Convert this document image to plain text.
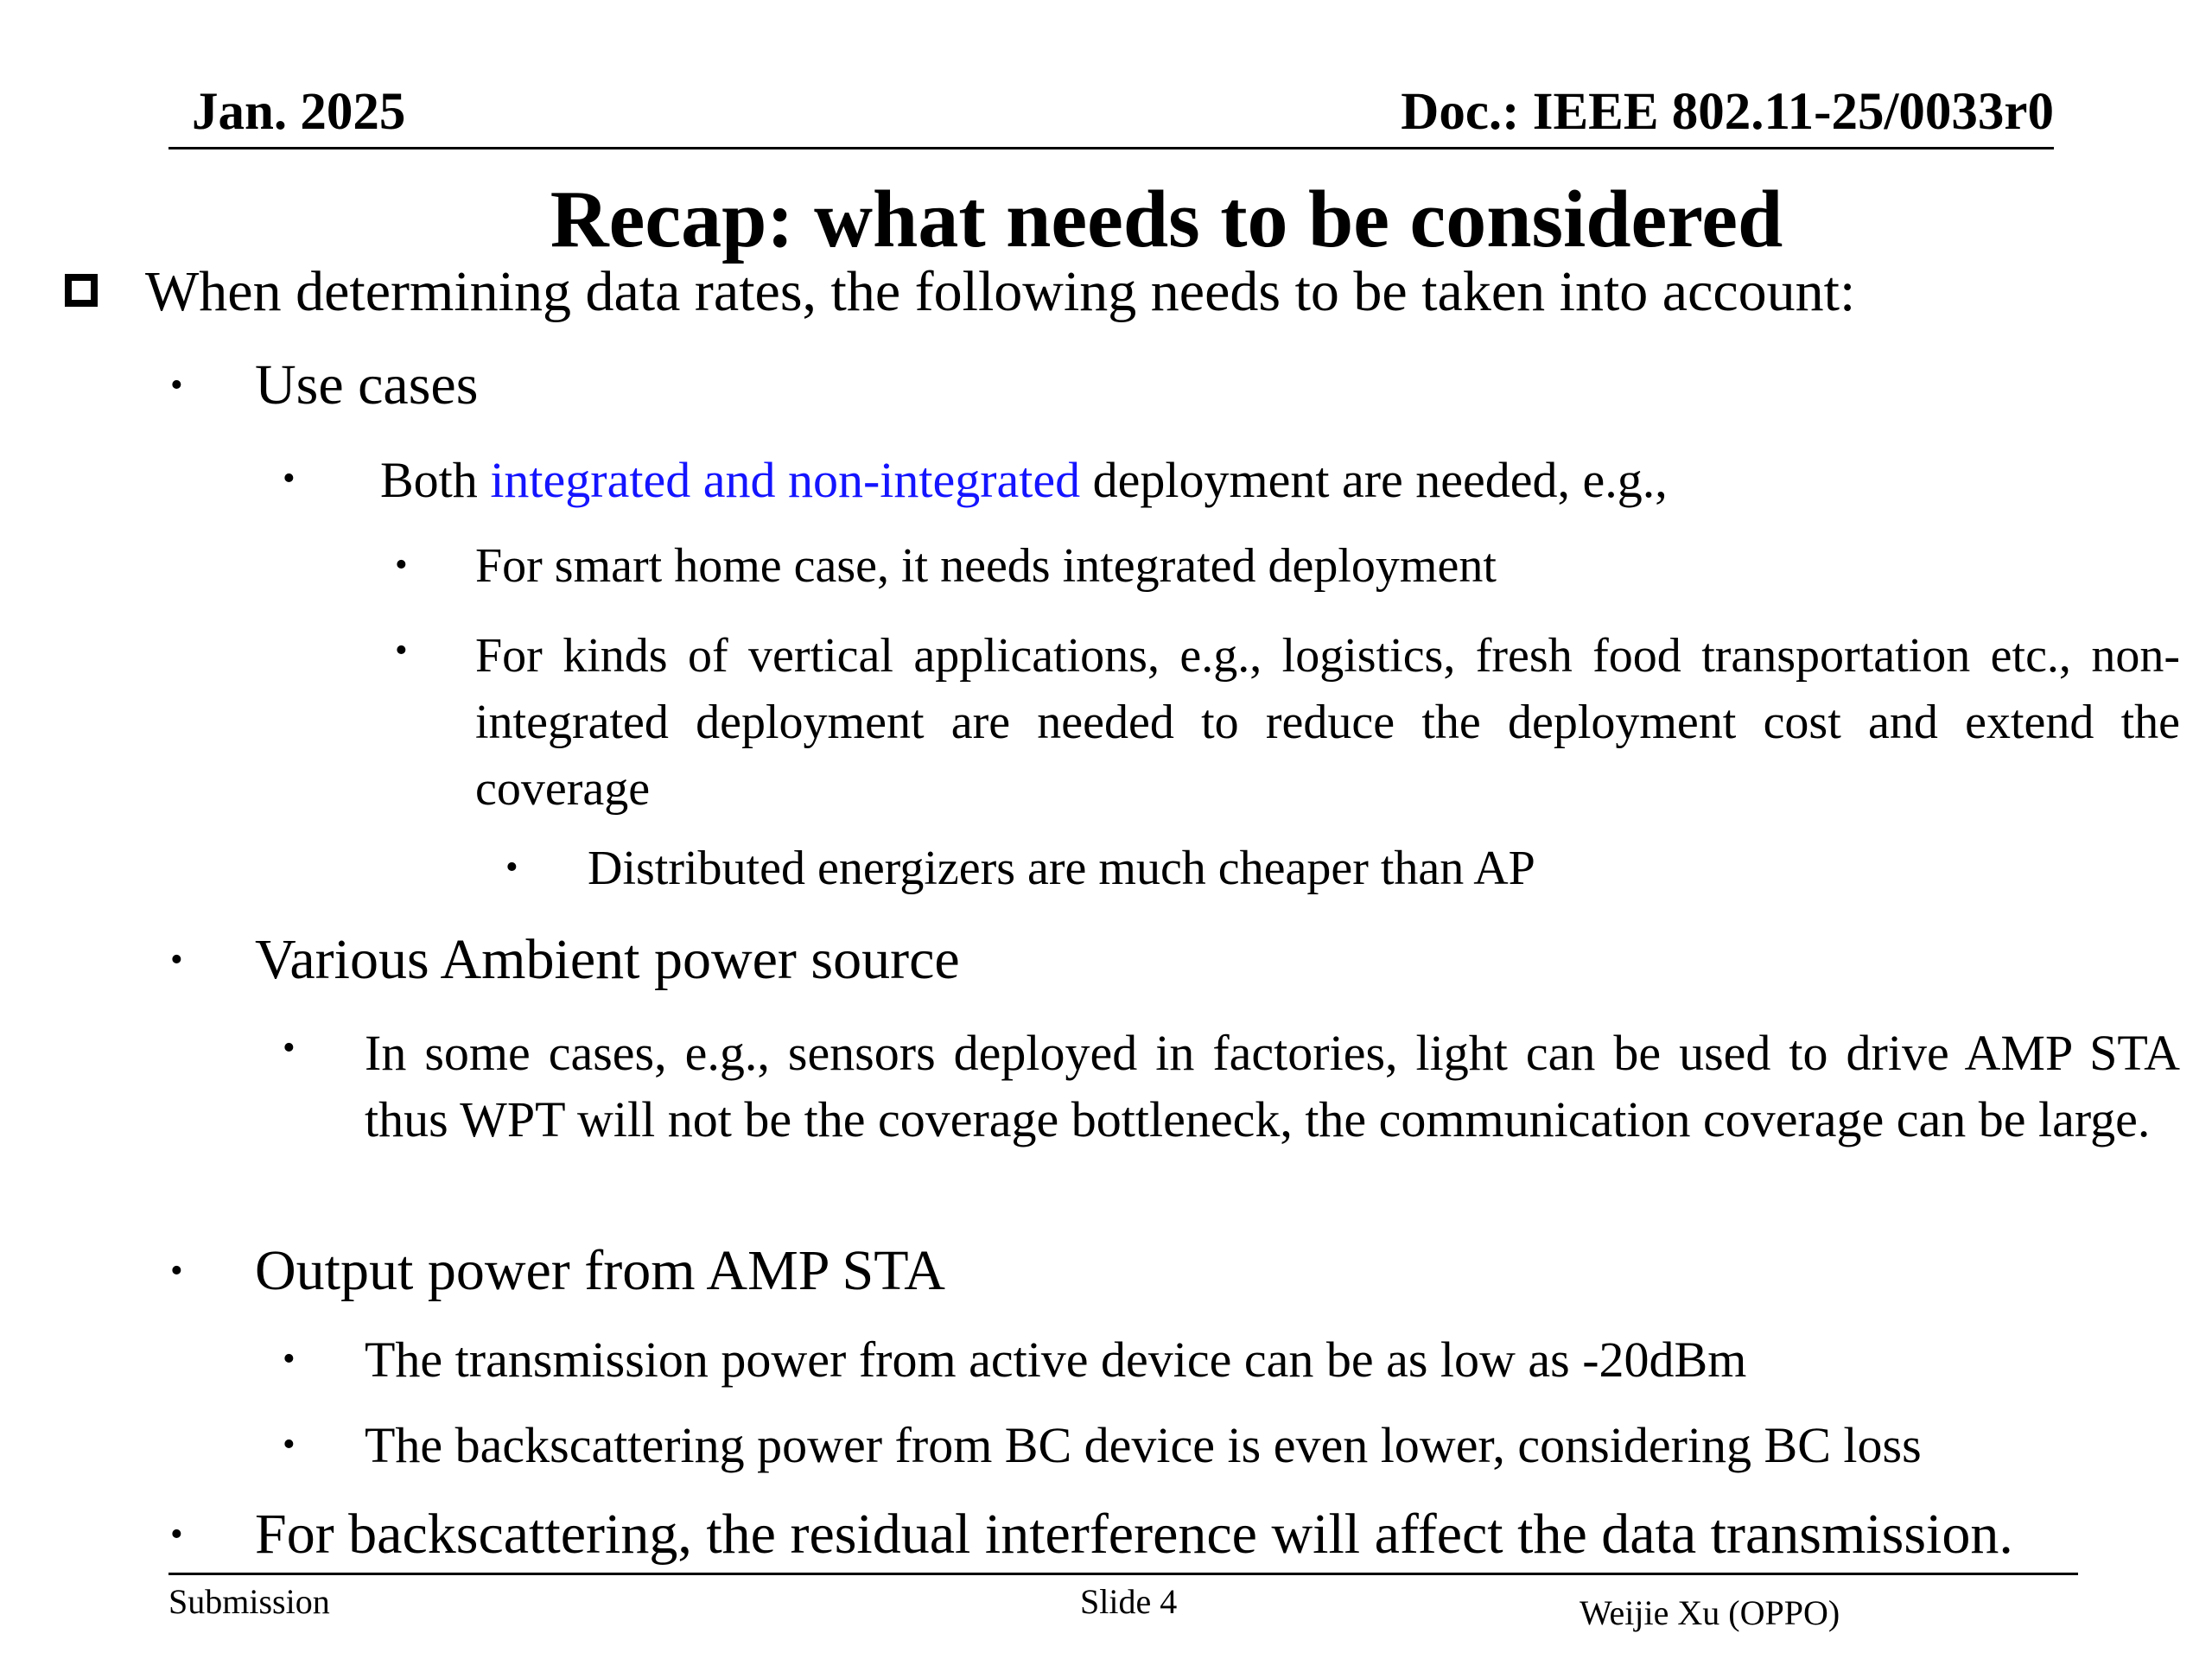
Jan. 2025	Doc.: IEEE 802.11-25/0033r0
Recap: what needs to be considered
When determining data rates, the following needs to be taken into account:
• Use cases
• Both integrated and non-integrated deployment are needed, e.g.,
• For smart home case, it needs integrated deployment
• For kinds of vertical applications, e.g., logistics, fresh food transportation etc., non-integrated deployment are needed to reduce the deployment cost and extend the coverage
• Distributed energizers are much cheaper than AP
• Various Ambient power source
• In some cases, e.g., sensors deployed in factories, light can be used to drive AMP STA thus WPT will not be the coverage bottleneck, the communication coverage can be large.
• Output power from AMP STA
• The transmission power from active device can be as low as -20dBm
• The backscattering power from BC device is even lower, considering BC loss
• For backscattering, the residual interference will affect the data transmission.
Submission	Slide 4	Weijie Xu (OPPO)
